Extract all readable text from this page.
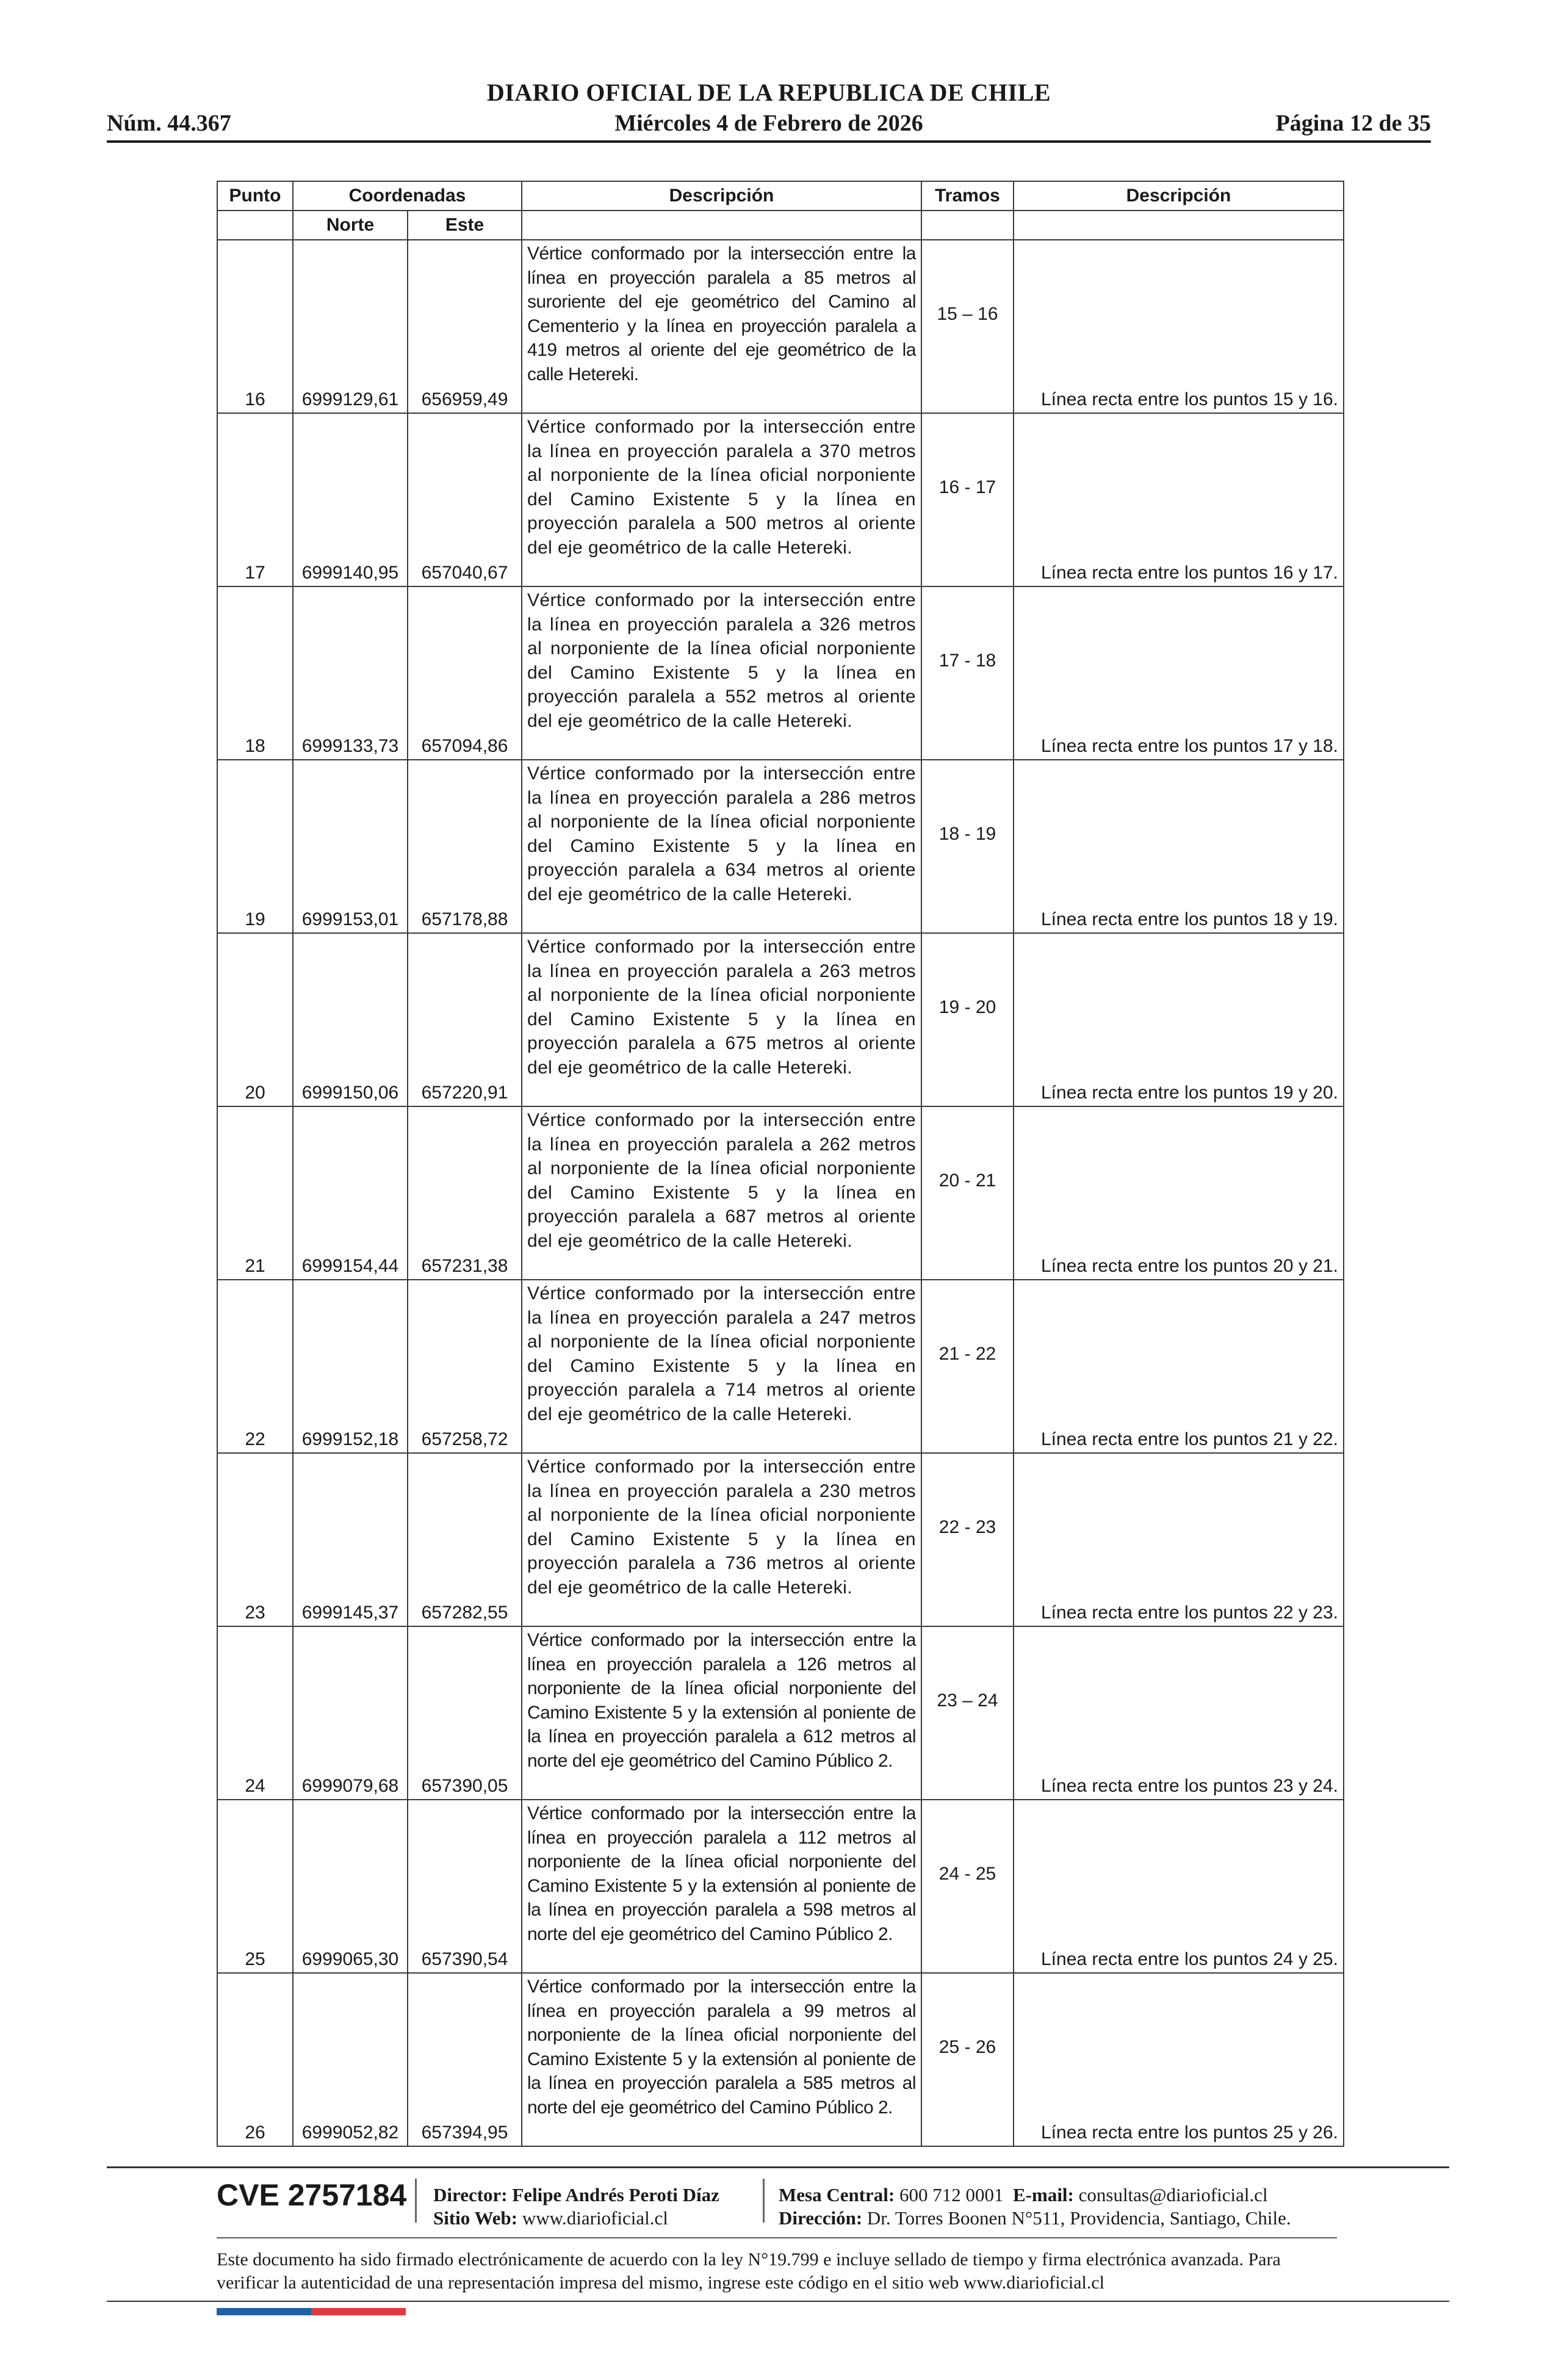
DIARIO OFICIAL DE LA REPUBLICA DE CHILE
Núm. 44.367	Miércoles 4 de Febrero de 2026	Página 12 de 35
Punto	Coordenadas		Descripción	Tramos	Descripción
	Norte	Este			
16	6999129,61	656959,49	Vértice conformado por la intersección entre la línea en proyección paralela a 85 metros al suroriente del eje geométrico del Camino al Cementerio y la línea en proyección paralela a 419 metros al oriente del eje geométrico de la calle Hetereki.	15 – 16	Línea recta entre los puntos 15 y 16.
17	6999140,95	657040,67	Vértice conformado por la intersección entre la línea en proyección paralela a 370 metros al norponiente de la línea oficial norponiente del Camino Existente 5 y la línea en proyección paralela a 500 metros al oriente del eje geométrico de la calle Hetereki.	16 - 17	Línea recta entre los puntos 16 y 17.
18	6999133,73	657094,86	Vértice conformado por la intersección entre la línea en proyección paralela a 326 metros al norponiente de la línea oficial norponiente del Camino Existente 5 y la línea en proyección paralela a 552 metros al oriente del eje geométrico de la calle Hetereki.	17 - 18	Línea recta entre los puntos 17 y 18.
19	6999153,01	657178,88	Vértice conformado por la intersección entre la línea en proyección paralela a 286 metros al norponiente de la línea oficial norponiente del Camino Existente 5 y la línea en proyección paralela a 634 metros al oriente del eje geométrico de la calle Hetereki.	18 - 19	Línea recta entre los puntos 18 y 19.
20	6999150,06	657220,91	Vértice conformado por la intersección entre la línea en proyección paralela a 263 metros al norponiente de la línea oficial norponiente del Camino Existente 5 y la línea en proyección paralela a 675 metros al oriente del eje geométrico de la calle Hetereki.	19 - 20	Línea recta entre los puntos 19 y 20.
21	6999154,44	657231,38	Vértice conformado por la intersección entre la línea en proyección paralela a 262 metros al norponiente de la línea oficial norponiente del Camino Existente 5 y la línea en proyección paralela a 687 metros al oriente del eje geométrico de la calle Hetereki.	20 - 21	Línea recta entre los puntos 20 y 21.
22	6999152,18	657258,72	Vértice conformado por la intersección entre la línea en proyección paralela a 247 metros al norponiente de la línea oficial norponiente del Camino Existente 5 y la línea en proyección paralela a 714 metros al oriente del eje geométrico de la calle Hetereki.	21 - 22	Línea recta entre los puntos 21 y 22.
23	6999145,37	657282,55	Vértice conformado por la intersección entre la línea en proyección paralela a 230 metros al norponiente de la línea oficial norponiente del Camino Existente 5 y la línea en proyección paralela a 736 metros al oriente del eje geométrico de la calle Hetereki.	22 - 23	Línea recta entre los puntos 22 y 23.
24	6999079,68	657390,05	Vértice conformado por la intersección entre la línea en proyección paralela a 126 metros al norponiente de la línea oficial norponiente del Camino Existente 5 y la extensión al poniente de la línea en proyección paralela a 612 metros al norte del eje geométrico del Camino Público 2.	23 – 24	Línea recta entre los puntos 23 y 24.
25	6999065,30	657390,54	Vértice conformado por la intersección entre la línea en proyección paralela a 112 metros al norponiente de la línea oficial norponiente del Camino Existente 5 y la extensión al poniente de la línea en proyección paralela a 598 metros al norte del eje geométrico del Camino Público 2.	24 - 25	Línea recta entre los puntos 24 y 25.
26	6999052,82	657394,95	Vértice conformado por la intersección entre la línea en proyección paralela a 99 metros al norponiente de la línea oficial norponiente del Camino Existente 5 y la extensión al poniente de la línea en proyección paralela a 585 metros al norte del eje geométrico del Camino Público 2.	25 - 26	Línea recta entre los puntos 25 y 26.
CVE 2757184 Director: Felipe Andrés Peroti Díaz
Sitio Web: www.diarioficial.cl
Mesa Central: 600 712 0001 E-mail: consultas@diarioficial.cl
Dirección: Dr. Torres Boonen N°511, Providencia, Santiago, Chile.
Este documento ha sido firmado electrónicamente de acuerdo con la ley N°19.799 e incluye sellado de tiempo y firma electrónica avanzada. Para verificar la autenticidad de una representación impresa del mismo, ingrese este código en el sitio web www.diarioficial.cl
